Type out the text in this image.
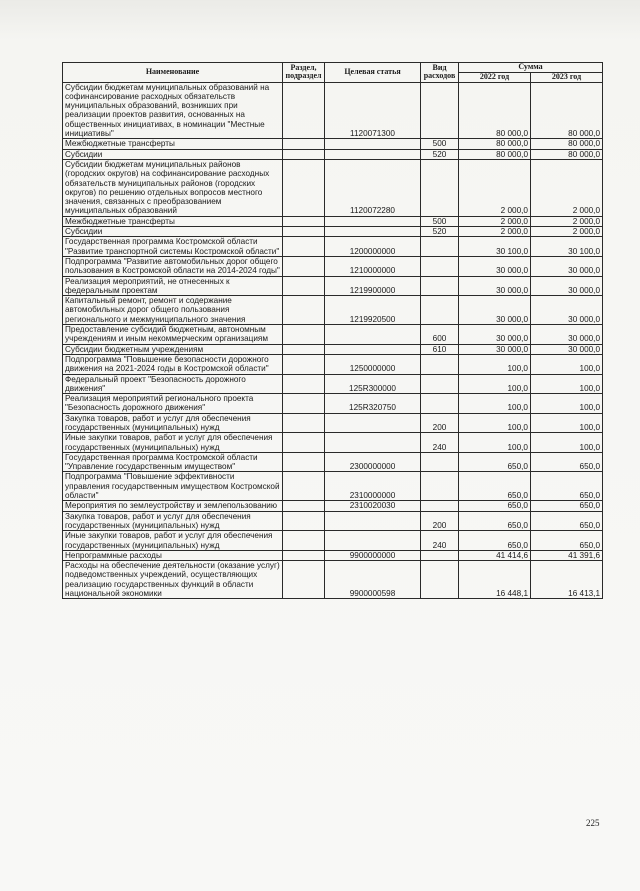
Наименование	Раздел, подраздел	Целевая статья	Вид расходов	Сумма	
				2022 год	2023 год
Субсидии бюджетам муниципальных образований на софинансирование расходных обязательств муниципальных образований, возникших при реализации проектов развития, основанных на общественных инициативах, в номинации "Местные инициативы"		1120071300		80 000,0	80 000,0
Межбюджетные трансферты			500	80 000,0	80 000,0
Субсидии			520	80 000,0	80 000,0
Субсидии бюджетам муниципальных районов (городских округов) на софинансирование расходных обязательств муниципальных районов (городских округов) по решению отдельных вопросов местного значения, связанных с преобразованием муниципальных образований		1120072280		2 000,0	2 000,0
Межбюджетные трансферты			500	2 000,0	2 000,0
Субсидии			520	2 000,0	2 000,0
Государственная программа Костромской области "Развитие транспортной системы Костромской области"		1200000000		30 100,0	30 100,0
Подпрограмма "Развитие автомобильных дорог общего пользования в Костромской области на 2014-2024 годы"		1210000000		30 000,0	30 000,0
Реализация мероприятий, не отнесенных к федеральным проектам		1219900000		30 000,0	30 000,0
Капитальный ремонт, ремонт и содержание автомобильных дорог общего пользования регионального и межмуниципального значения		1219920500		30 000,0	30 000,0
Предоставление субсидий бюджетным, автономным учреждениям и иным некоммерческим организациям			600	30 000,0	30 000,0
Субсидии бюджетным учреждениям			610	30 000,0	30 000,0
Подпрограмма "Повышение безопасности дорожного движения на 2021-2024 годы в Костромской области"		1250000000		100,0	100,0
Федеральный проект "Безопасность дорожного движения"		125R300000		100,0	100,0
Реализация мероприятий регионального проекта "Безопасность дорожного движения"		125R320750		100,0	100,0
Закупка товаров, работ и услуг для обеспечения государственных (муниципальных) нужд			200	100,0	100,0
Иные закупки товаров, работ и услуг для обеспечения государственных (муниципальных) нужд			240	100,0	100,0
Государственная программа Костромской области "Управление государственным имуществом"		2300000000		650,0	650,0
Подпрограмма "Повышение эффективности управления государственным имуществом Костромской области"		2310000000		650,0	650,0
Мероприятия по землеустройству и землепользованию		2310020030		650,0	650,0
Закупка товаров, работ и услуг для обеспечения государственных (муниципальных) нужд			200	650,0	650,0
Иные закупки товаров, работ и услуг для обеспечения государственных (муниципальных) нужд			240	650,0	650,0
Непрограммные расходы		9900000000		41 414,6	41 391,6
Расходы на обеспечение деятельности (оказание услуг) подведомственных учреждений, осуществляющих реализацию государственных функций в области национальной экономики		9900000598		16 448,1	16 413,1
225
